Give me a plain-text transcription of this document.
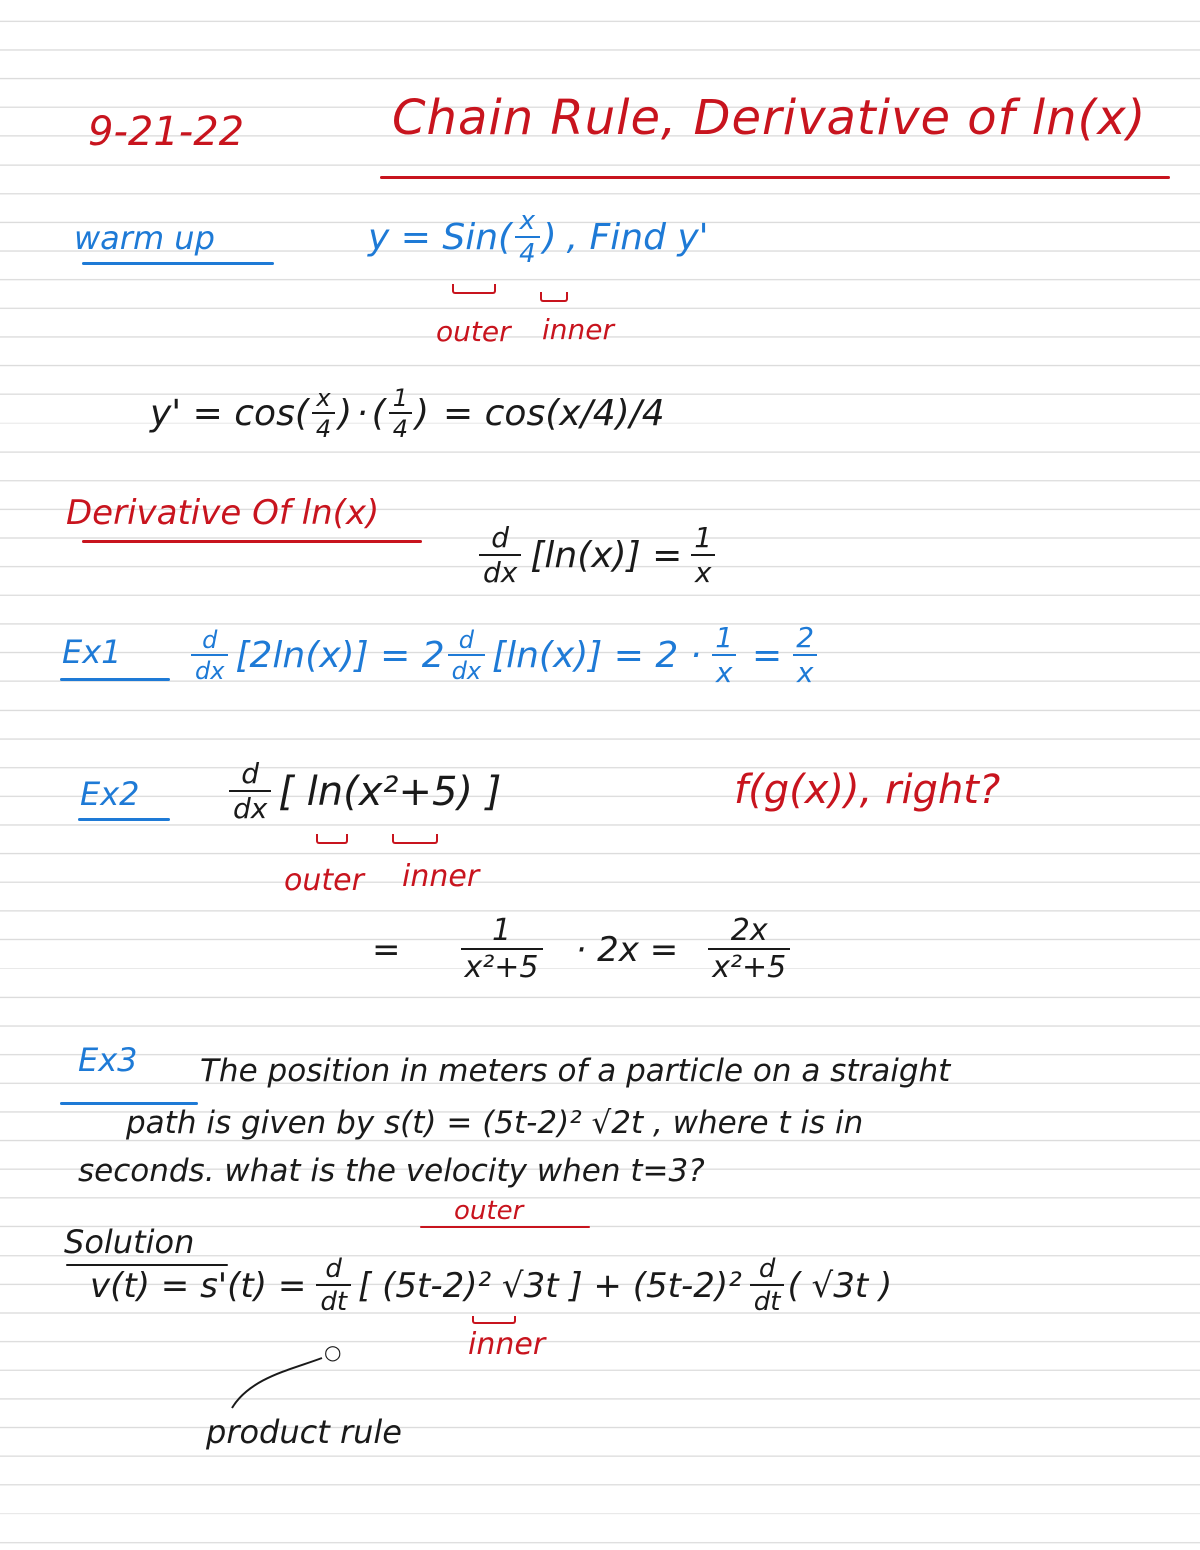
9-21-22	Chain Rule, Derivative of ln(x)
warm up	y = Sin ( $\frac{x}{4}$ ) , Find y'
outer inner
y' = cos ( $\frac{x}{4}$ ) · ( $\frac{1}{4}$ ) = cos(x/4)/4
Derivative Of ln(x)
$\frac{d}{dx} [\ln(x)] = \frac{1}{x}$
Ex1	$\frac{d}{dx} [2\ln(x)] = 2 \frac{d}{dx} [\ln(x)] = 2 \cdot \frac{1}{x} = \frac{2}{x}$
Ex2	$\frac{d}{dx}$ [ ln(x²+5) ]	f(g(x)), right?
outer inner
= $\frac{1}{\text{x²+5}} \cdot 2x = \frac{2x}{\text{x²+5}}$
Ex3 The position in meters of a particle on a straight
path is given by s(t) = (5t-2)² √2t , where t is in
seconds. what is the velocity when t=3?
outer
Solution
$v(t) = s'(t) = \frac{d}{dt}$ [ (5t-2)² √3t ] + $(5t-2)^2 \frac{d}{dt}$ ( √3t )
inner
○
product rule
